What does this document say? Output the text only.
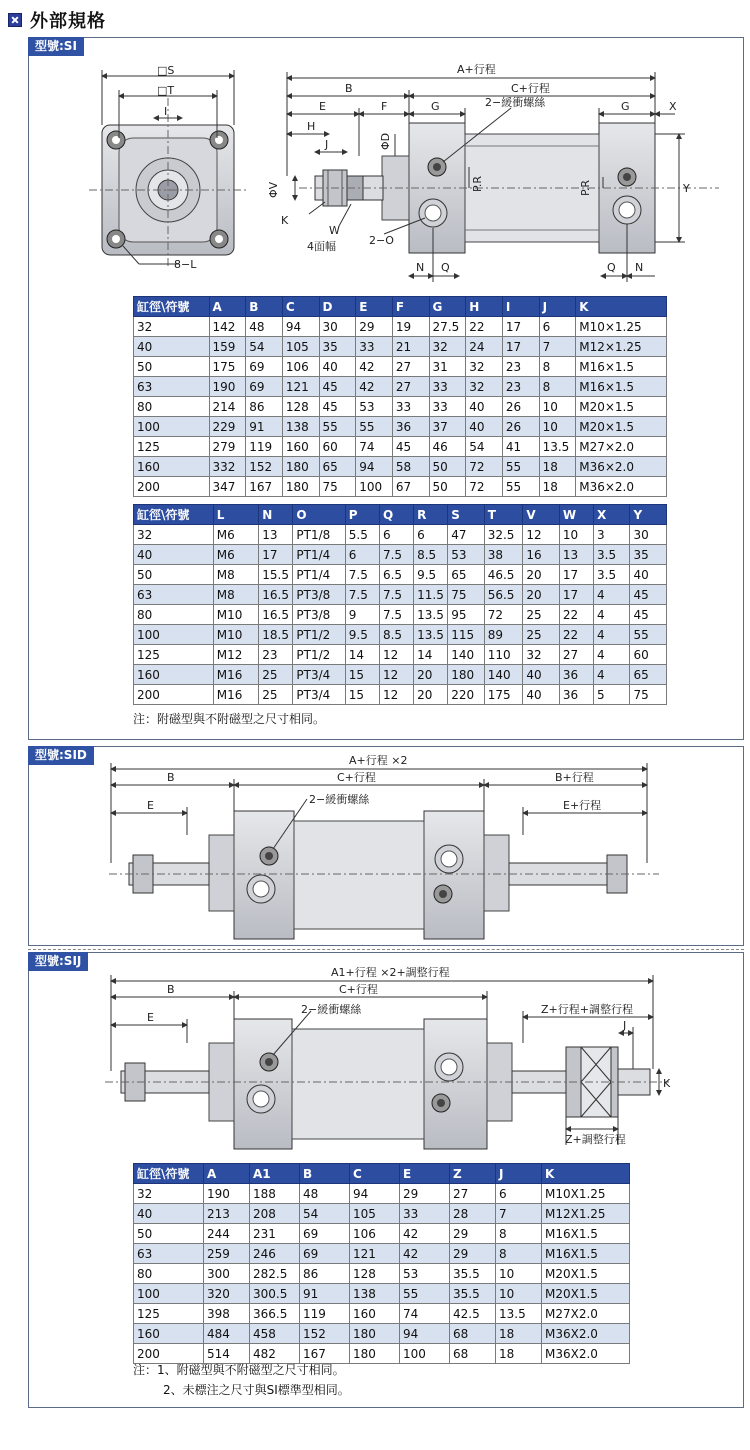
外部規格
型號:SI
□S
□T
I
8−L
A+行程
B	C+行程
E	F	G	G	X
H
J	ΦD
ΦV
K
W
4面幅	2−O
2−緩衝螺絲
P.R	P.R
N Q	Q N
Y
缸徑\符號	A	B	C	D	E	F	G	H	I	J	K
32	142	48	94	30	29	19	27.5	22	17	6	M10×1.25
40	159	54	105	35	33	21	32	24	17	7	M12×1.25
50	175	69	106	40	42	27	31	32	23	8	M16×1.5
63	190	69	121	45	42	27	33	32	23	8	M16×1.5
80	214	86	128	45	53	33	33	40	26	10	M20×1.5
100	229	91	138	55	55	36	37	40	26	10	M20×1.5
125	279	119	160	60	74	45	46	54	41	13.5	M27×2.0
160	332	152	180	65	94	58	50	72	55	18	M36×2.0
200	347	167	180	75	100	67	50	72	55	18	M36×2.0
缸徑\符號	L	N	O	P	Q	R	S	T	V	W	X	Y
32	M6	13	PT1/8	5.5	6	6	47	32.5	12	10	3	30
40	M6	17	PT1/4	6	7.5	8.5	53	38	16	13	3.5	35
50	M8	15.5	PT1/4	7.5	6.5	9.5	65	46.5	20	17	3.5	40
63	M8	16.5	PT3/8	7.5	7.5	11.5	75	56.5	20	17	4	45
80	M10	16.5	PT3/8	9	7.5	13.5	95	72	25	22	4	45
100	M10	18.5	PT1/2	9.5	8.5	13.5	115	89	25	22	4	55
125	M12	23	PT1/2	14	12	14	140	110	32	27	4	60
160	M16	25	PT3/4	15	12	20	180	140	40	36	4	65
200	M16	25	PT3/4	15	12	20	220	175	40	36	5	75
注：附磁型與不附磁型之尺寸相同。
型號:SID	A+行程 ×2
B	C+行程	B+行程
E	E+行程
2−緩衝螺絲
型號:SIJ
A1+行程 ×2+調整行程
B	C+行程
E
2−緩衝螺絲	Z+行程+調整行程
J
K
Z+調整行程
缸徑\符號	A	A1	B	C	E	Z	J	K
32	190	188	48	94	29	27	6	M10X1.25
40	213	208	54	105	33	28	7	M12X1.25
50	244	231	69	106	42	29	8	M16X1.5
63	259	246	69	121	42	29	8	M16X1.5
80	300	282.5	86	128	53	35.5	10	M20X1.5
100	320	300.5	91	138	55	35.5	10	M20X1.5
125	398	366.5	119	160	74	42.5	13.5	M27X2.0
160	484	458	152	180	94	68	18	M36X2.0
200	514	482	167	180	100	68	18	M36X2.0
注：1、附磁型與不附磁型之尺寸相同。
2、未標注之尺寸與SI標準型相同。
